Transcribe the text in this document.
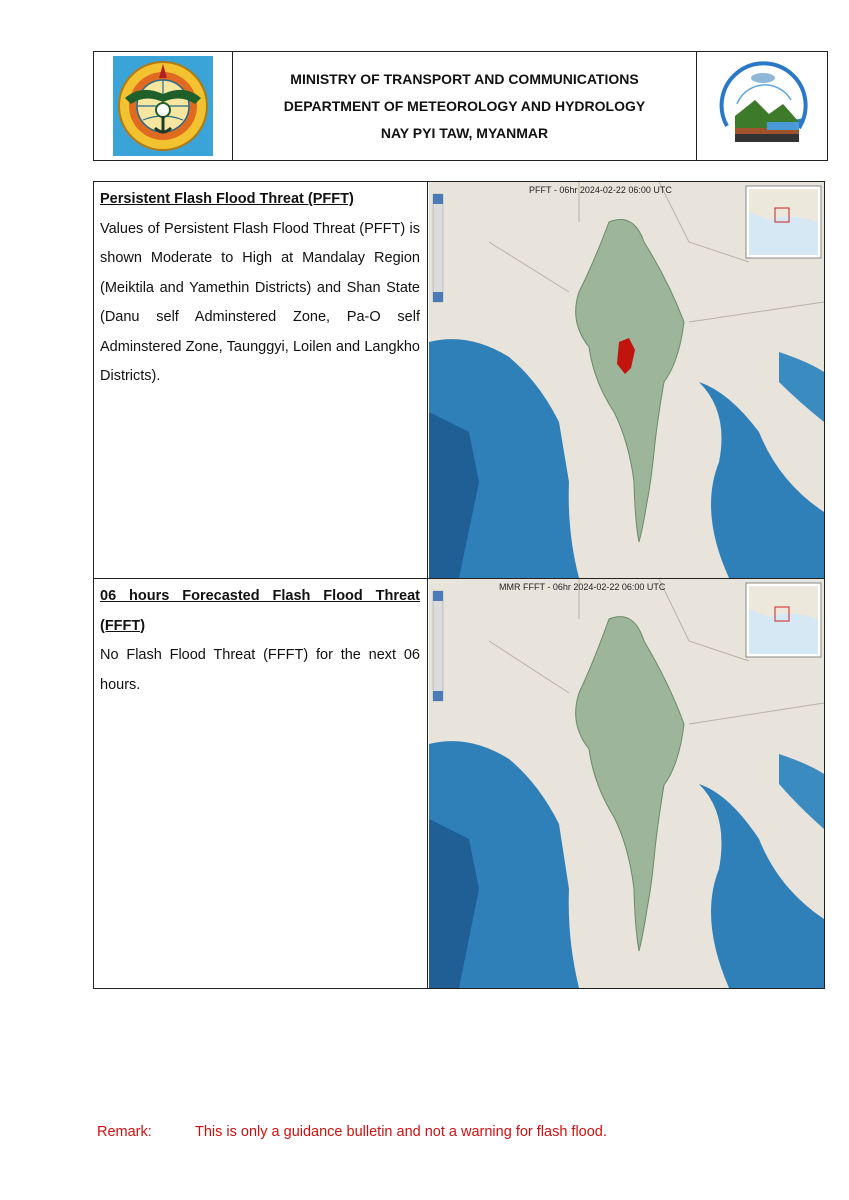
MINISTRY OF TRANSPORT AND COMMUNICATIONS
DEPARTMENT OF METEOROLOGY AND HYDROLOGY
NAY PYI TAW, MYANMAR
Persistent Flash Flood Threat (PFFT)
Values of Persistent Flash Flood Threat (PFFT) is shown Moderate to High at Mandalay Region (Meiktila and Yamethin Districts) and Shan State (Danu self Adminstered Zone, Pa-O self Adminstered Zone, Taunggyi, Loilen and Langkho Districts).
PFFT - 06hr 2024-02-22 06:00 UTC
06 hours Forecasted Flash Flood Threat (FFFT)
No Flash Flood Threat (FFFT) for the next 06 hours.
MMR FFFT - 06hr 2024-02-22 06:00 UTC
Remark:	This is only a guidance bulletin and not a warning for flash flood.
